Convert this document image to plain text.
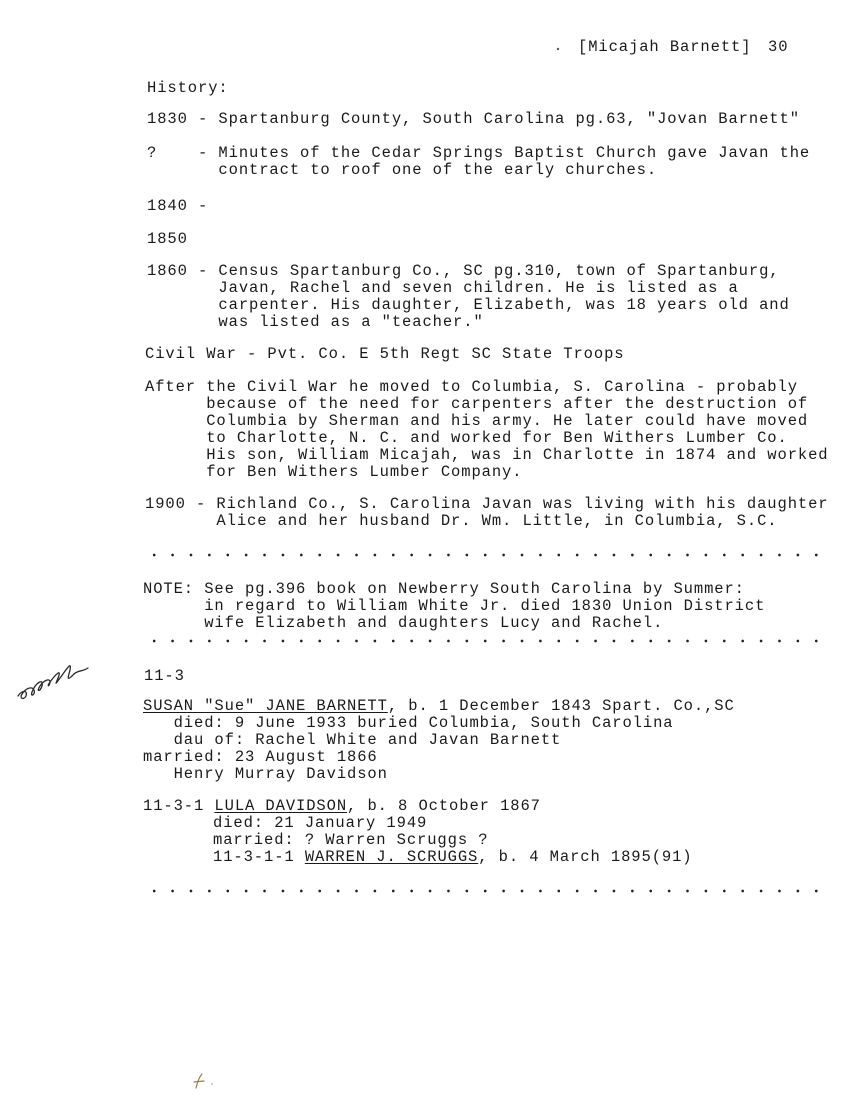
[Micajah Barnett] 30
History:
1830 - Spartanburg County, South Carolina pg.63, "Jovan Barnett"
?    - Minutes of the Cedar Springs Baptist Church gave Javan the
contract to roof one of the early churches.
1840 -
1850
1860 - Census Spartanburg Co., SC pg.310, town of Spartanburg,
Javan, Rachel and seven children. He is listed as a
carpenter. His daughter, Elizabeth, was 18 years old and
was listed as a "teacher."
Civil War - Pvt. Co. E 5th Regt SC State Troops
After the Civil War he moved to Columbia, S. Carolina - probably
because of the need for carpenters after the destruction of
Columbia by Sherman and his army. He later could have moved
to Charlotte, N. C. and worked for Ben Withers Lumber Co.
His son, William Micajah, was in Charlotte in 1874 and worked
for Ben Withers Lumber Company.
1900 - Richland Co., S. Carolina Javan was living with his daughter
Alice and her husband Dr. Wm. Little, in Columbia, S.C.
NOTE: See pg.396 book on Newberry South Carolina by Summer:
in regard to William White Jr. died 1830 Union District
wife Elizabeth and daughters Lucy and Rachel.
11-3
SUSAN "Sue" JANE BARNETT, b. 1 December 1843 Spart. Co.,SC
died: 9 June 1933 buried Columbia, South Carolina
dau of: Rachel White and Javan Barnett
married: 23 August 1866
Henry Murray Davidson
11-3-1 LULA DAVIDSON, b. 8 October 1867
died: 21 January 1949
married: ? Warren Scruggs ?
11-3-1-1 WARREN J. SCRUGGS, b. 4 March 1895(91)
